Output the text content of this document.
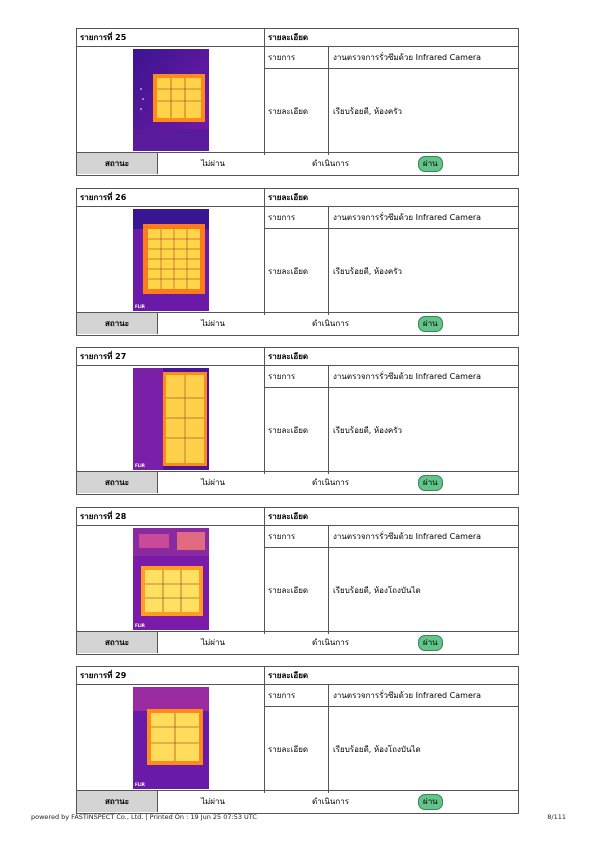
รายการที่ 25	รายละเอียด
รายการ	งานตรวจการรั่วซึมด้วย Infrared Camera
รายละเอียด	เรียบร้อยดี, ห้องครัว
สถานะ	ไม่ผ่าน	ดำเนินการ	ผ่าน
รายการที่ 26	รายละเอียด
FLIR
รายการ	งานตรวจการรั่วซึมด้วย Infrared Camera
รายละเอียด	เรียบร้อยดี, ห้องครัว
สถานะ	ไม่ผ่าน	ดำเนินการ	ผ่าน
รายการที่ 27	รายละเอียด
FLIR
รายการ	งานตรวจการรั่วซึมด้วย Infrared Camera
รายละเอียด	เรียบร้อยดี, ห้องครัว
สถานะ	ไม่ผ่าน	ดำเนินการ	ผ่าน
รายการที่ 28	รายละเอียด
FLIR
รายการ	งานตรวจการรั่วซึมด้วย Infrared Camera
รายละเอียด	เรียบร้อยดี, ห้องโถงบันได
สถานะ	ไม่ผ่าน	ดำเนินการ	ผ่าน
รายการที่ 29	รายละเอียด
FLIR
รายการ	งานตรวจการรั่วซึมด้วย Infrared Camera
รายละเอียด	เรียบร้อยดี, ห้องโถงบันได
สถานะ	ไม่ผ่าน	ดำเนินการ	ผ่าน
powered by FASTINSPECT Co., Ltd. | Printed On : 19 Jun 25 07:53 UTC	8/111
